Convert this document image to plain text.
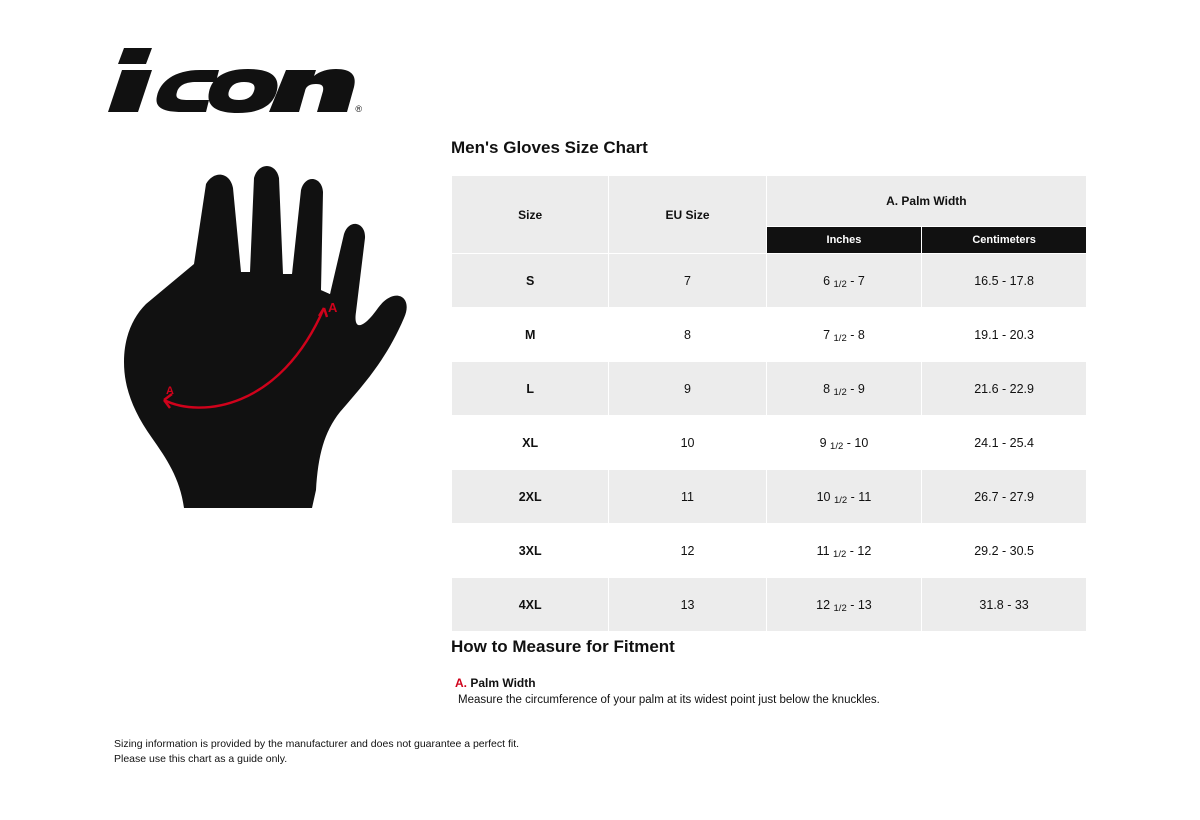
®
A
A
Men's Gloves Size Chart
Size	EU Size	A. Palm Width	
		Inches	Centimeters
S	7	6 1/2 - 7	16.5 - 17.8
M	8	7 1/2 - 8	19.1 - 20.3
L	9	8 1/2 - 9	21.6 - 22.9
XL	10	9 1/2 - 10	24.1 - 25.4
2XL	11	10 1/2 - 11	26.7 - 27.9
3XL	12	11 1/2 - 12	29.2 - 30.5
4XL	13	12 1/2 - 13	31.8 - 33
How to Measure for Fitment
A. Palm Width
Measure the circumference of your palm at its widest point just below the knuckles.
Sizing information is provided by the manufacturer and does not guarantee a perfect fit.
Please use this chart as a guide only.
